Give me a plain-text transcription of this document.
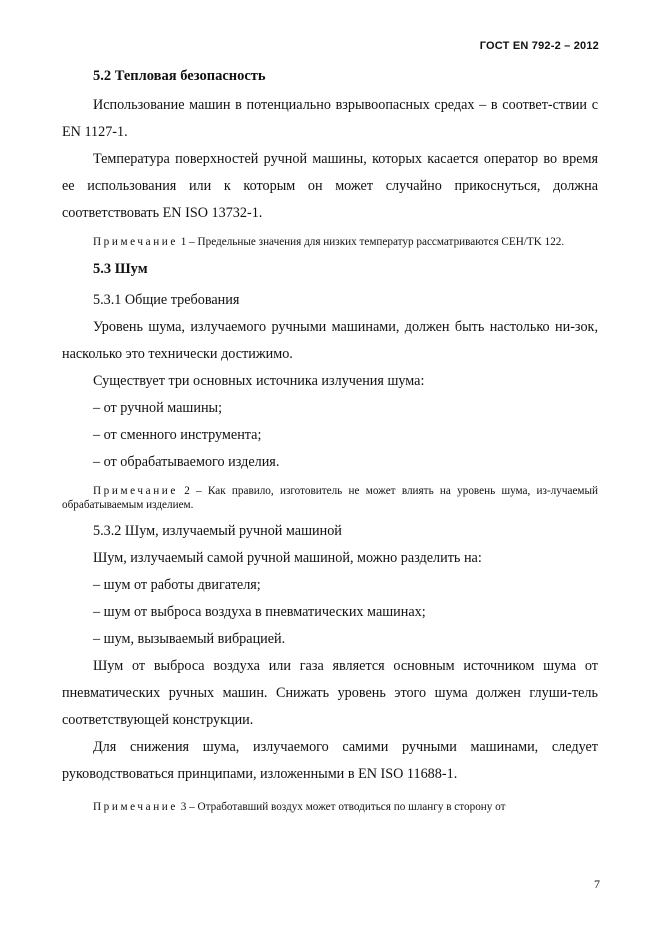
ГОСТ EN 792-2 – 2012
5.2 Тепловая безопасность

Использование машин в потенциально взрывоопасных средах – в соответ-ствии с EN 1127-1.

Температура поверхностей ручной машины, которых касается оператор во время ее использования или к которым он может случайно прикоснуться, должна соответствовать EN ISO 13732-1.

Примечание 1 – Предельные значения для низких температур рассматриваются CEH/TK 122.

5.3 Шум

5.3.1 Общие требования

Уровень шума, излучаемого ручными машинами, должен быть настолько ни-зок, насколько это технически достижимо.

Существует три основных источника излучения шума:

– от ручной машины;

– от сменного инструмента;

– от обрабатываемого изделия.

Примечание 2 – Как правило, изготовитель не может влиять на уровень шума, из-лучаемый обрабатываемым изделием.

5.3.2 Шум, излучаемый ручной машиной

Шум, излучаемый самой ручной машиной, можно разделить на:

– шум от работы двигателя;

– шум от выброса воздуха в пневматических машинах;

– шум, вызываемый вибрацией.

Шум от выброса воздуха или газа является основным источником шума от пневматических ручных машин. Снижать уровень этого шума должен глуши-тель соответствующей конструкции.

Для снижения шума, излучаемого самими ручными машинами, следует руководствоваться принципами, изложенными в EN ISO 11688-1.

Примечание 3 – Отработавший воздух может отводиться по шлангу в сторону от

7
